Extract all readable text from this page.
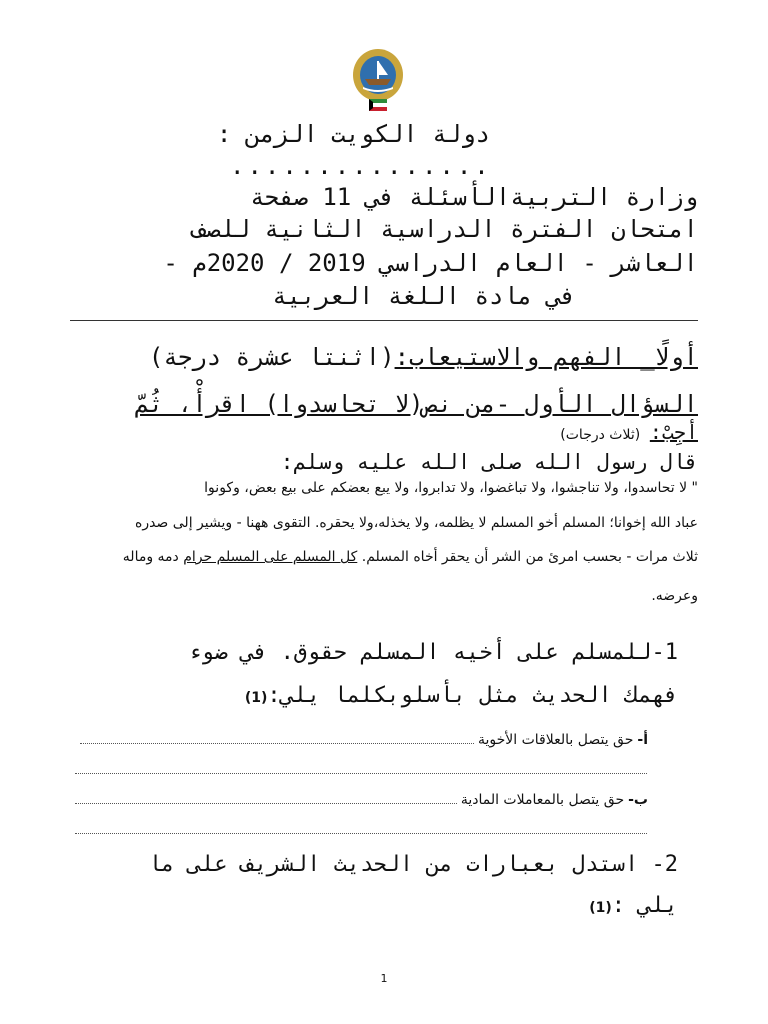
دولة الكويت
الزمن :
...............
وزارة التربيةالأسئلة في 11 صفحة
امتحان الفترة الدراسية الثانية للصف
العاشر - العام الدراسي 2019 / 2020م -
في مادة اللغة العربية
أولًا_ الفهم والاستيعاب:(اثنتا عشرة درجة)
السؤال الأول -من نص(لا تحاسدوا) اقرأْ، ثُمّ
أجِبْ: (ثلاث درجات)
قال رسول الله صلى الله عليه وسلم:
" لا تحاسدوا، ولا تناجشوا، ولا تباغضوا، ولا تدابروا، ولا يبع بعضكم على بيع بعض، وكونوا
عباد الله إخوانا؛ المسلم أخو المسلم لا يظلمه، ولا يخذله،ولا يحقره. التقوى ههنا - ويشير إلى صدره
ثلاث مرات - بحسب امرئ من الشر أن يحقر أخاه المسلم. كل المسلم على المسلم حرام دمه وماله
وعرضه.
1-للمسلم على أخيه المسلم حقوق. في ضوء
فهمك الحديث مثل بأسلوبكلما يلي:(1)
أ-
حق يتصل بالعلاقات الأخوية
ب-
حق يتصل بالمعاملات المادية
2- استدل بعبارات من الحديث الشريف على ما
يلي :(1)
1
